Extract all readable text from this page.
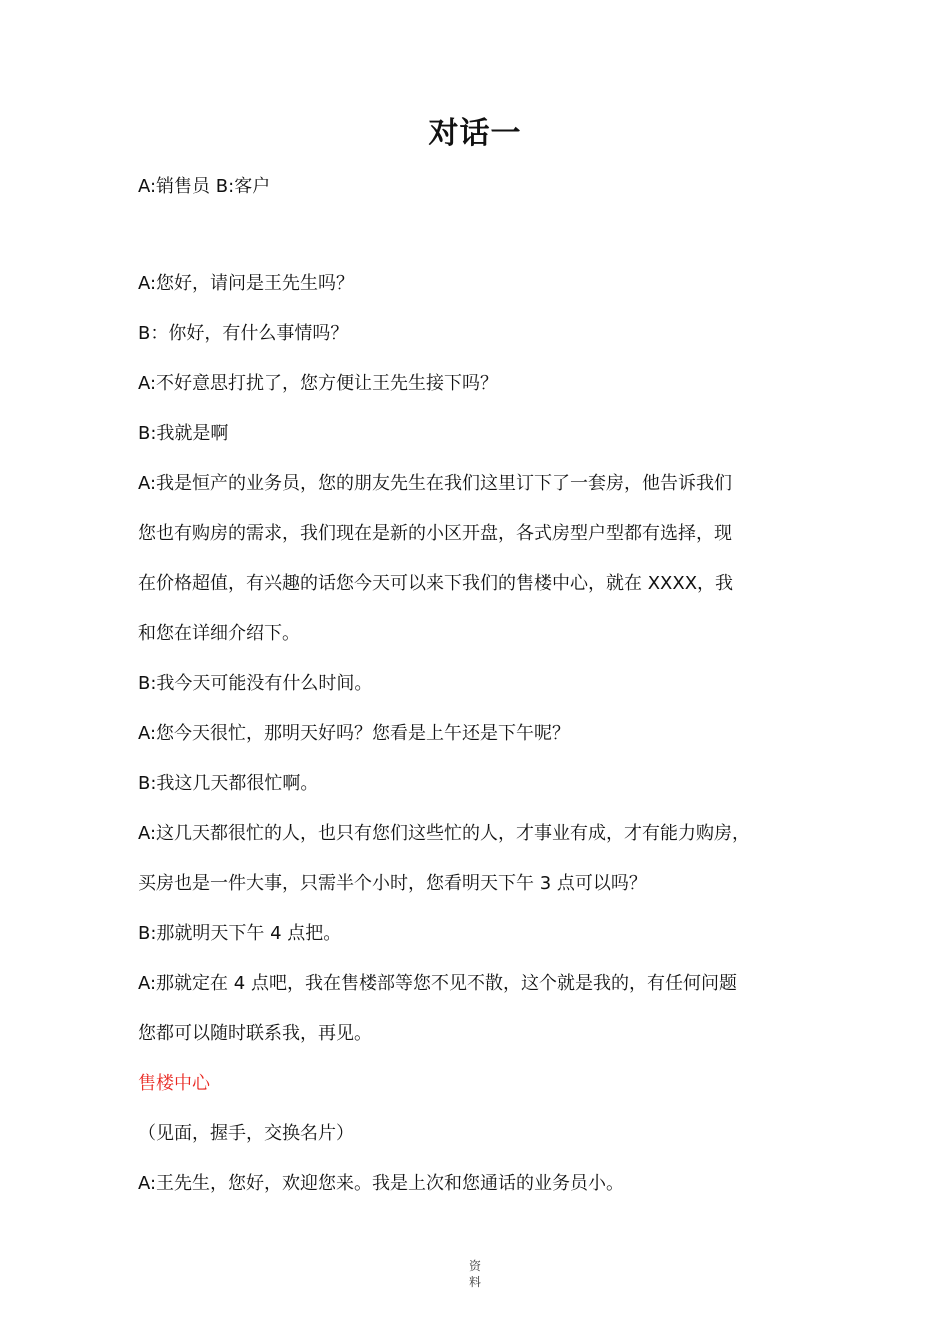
对话一

A:销售员 B:客户

A:您好，请问是王先生吗？

B：你好，有什么事情吗？

A:不好意思打扰了，您方便让王先生接下吗？

B:我就是啊

A:我是恒产的业务员，您的朋友先生在我们这里订下了一套房，他告诉我们

您也有购房的需求，我们现在是新的小区开盘，各式房型户型都有选择，现

在价格超值，有兴趣的话您今天可以来下我们的售楼中心，就在 XXXX，我

和您在详细介绍下。

B:我今天可能没有什么时间。

A:您今天很忙，那明天好吗？您看是上午还是下午呢？

B:我这几天都很忙啊。

A:这几天都很忙的人，也只有您们这些忙的人，才事业有成，才有能力购房，

买房也是一件大事，只需半个小时，您看明天下午 3 点可以吗？

B:那就明天下午 4 点把。

A:那就定在 4 点吧，我在售楼部等您不见不散，这个就是我的，有任何问题

您都可以随时联系我，再见。

售楼中心

（见面，握手，交换名片）

A:王先生，您好，欢迎您来。我是上次和您通话的业务员小。

资
料
